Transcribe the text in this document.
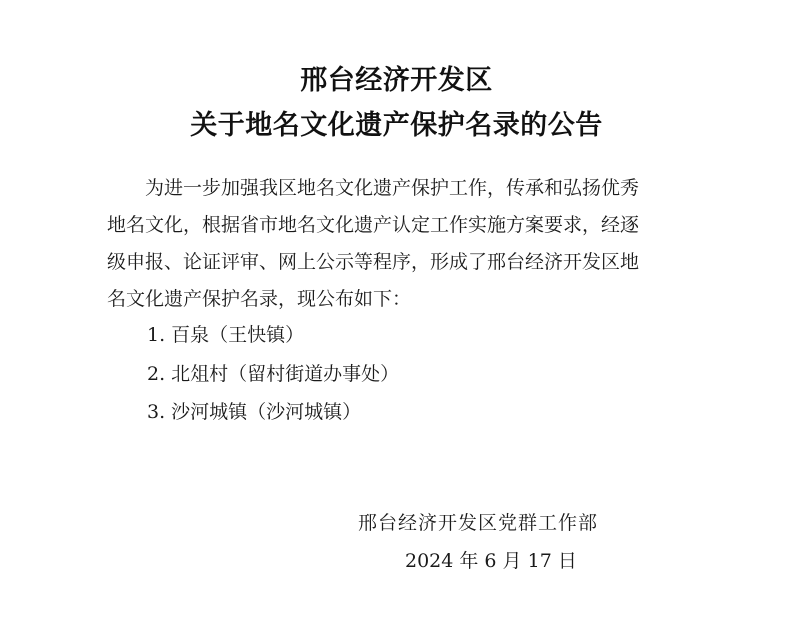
邢台经济开发区
关于地名文化遗产保护名录的公告
为进一步加强我区地名文化遗产保护工作，传承和弘扬优秀
地名文化，根据省市地名文化遗产认定工作实施方案要求，经逐
级申报、论证评审、网上公示等程序，形成了邢台经济开发区地
名文化遗产保护名录，现公布如下：
1. 百泉（王快镇）
2. 北俎村（留村街道办事处）
3. 沙河城镇（沙河城镇）
邢台经济开发区党群工作部
2024 年 6 月 17 日
